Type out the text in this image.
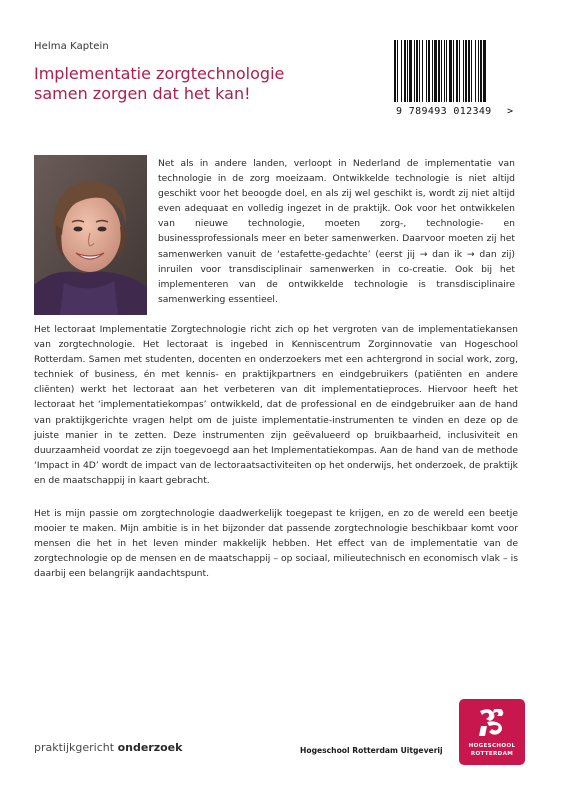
Helma Kaptein
Implementatie zorgtechnologie
samen zorgen dat het kan!
9 789493 012349	>
Net als in andere landen, verloopt in Nederland de implementatie van technologie in de zorg moeizaam. Ontwikkelde technologie is niet altijd geschikt voor het beoogde doel, en als zij wel geschikt is, wordt zij niet altijd even adequaat en volledig ingezet in de praktijk. Ook voor het ontwikkelen van nieuwe technologie, moeten zorg-, technologie- en businessprofessionals meer en beter samenwerken. Daarvoor moeten zij het samenwerken vanuit de ‘estafette-gedachte’ (eerst jij → dan ik → dan zij) inruilen voor transdisciplinair samenwerken in co-creatie. Ook bij het implementeren van de ontwikkelde technologie is transdisciplinaire samenwerking essentieel.
Het lectoraat Implementatie Zorgtechnologie richt zich op het vergroten van de implementatiekansen van zorgtechnologie. Het lectoraat is ingebed in Kenniscentrum Zorginnovatie van Hogeschool Rotterdam. Samen met studenten, docenten en onderzoekers met een achtergrond in social work, zorg, techniek of business, én met kennis- en praktijkpartners en eindgebruikers (patiënten en andere cliënten) werkt het lectoraat aan het verbeteren van dit implementatieproces. Hiervoor heeft het lectoraat het ‘implementatiekompas’ ontwikkeld, dat de professional en de eindgebruiker aan de hand van praktijkgerichte vragen helpt om de juiste implementatie-instrumenten te vinden en deze op de juiste manier in te zetten. Deze instrumenten zijn geëvalueerd op bruikbaarheid, inclusiviteit en duurzaamheid voordat ze zijn toegevoegd aan het Implementatiekompas. Aan de hand van de methode ‘Impact in 4D’ wordt de impact van de lectoraatsactiviteiten op het onderwijs, het onderzoek, de praktijk en de maatschappij in kaart gebracht.
Het is mijn passie om zorgtechnologie daadwerkelijk toegepast te krijgen, en zo de wereld een beetje mooier te maken. Mijn ambitie is in het bijzonder dat passende zorgtechnologie beschikbaar komt voor mensen die het in het leven minder makkelijk hebben. Het effect van de implementatie van de zorgtechnologie op de mensen en de maatschappij – op sociaal, milieutechnisch en economisch vlak – is daarbij een belangrijk aandachtspunt.
praktijkgericht onderzoek	Hogeschool Rotterdam Uitgeverij	HOGESCHOOL
ROTTERDAM
